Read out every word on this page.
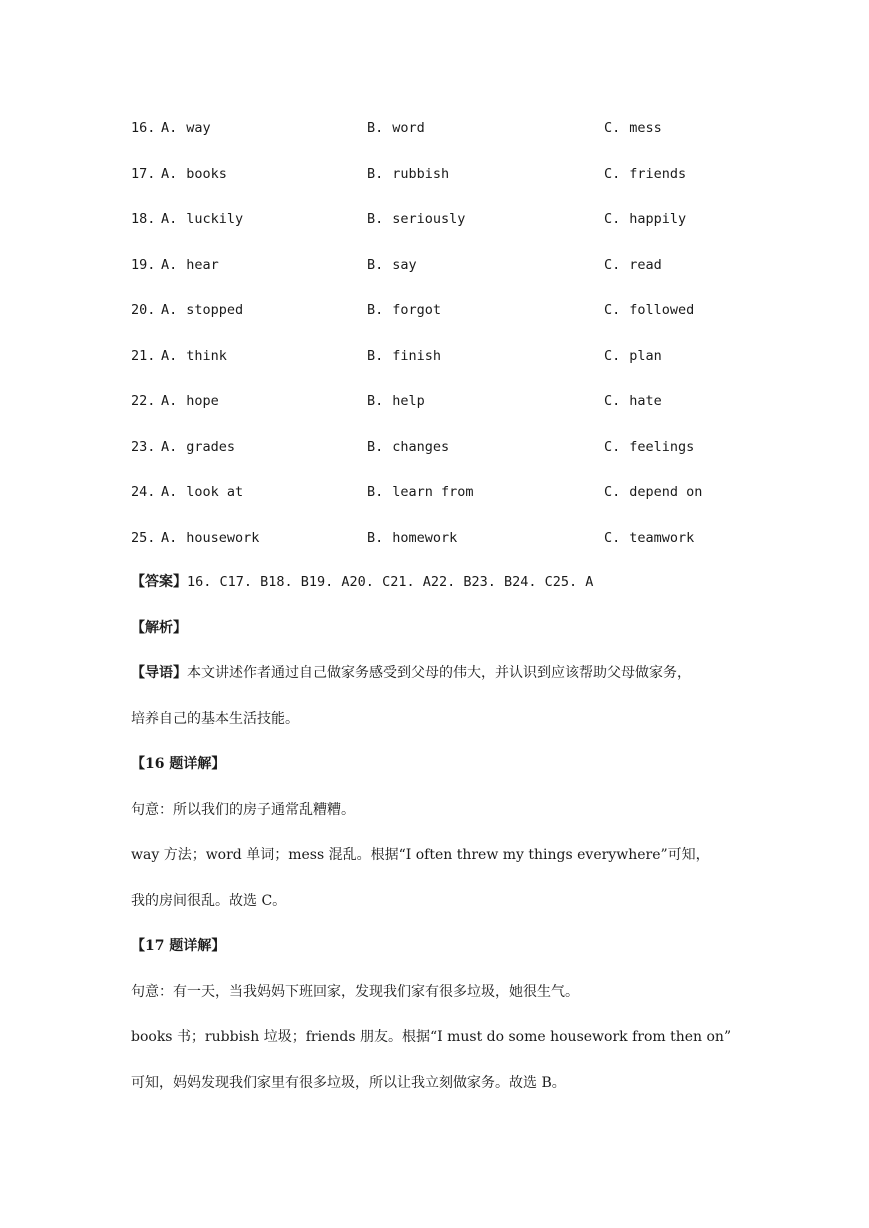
16. A. way	B. word	C. mess
17. A. books	B. rubbish	C. friends
18. A. luckily	B. seriously	C. happily
19. A. hear	B. say	C. read
20. A. stopped	B. forgot	C. followed
21. A. think	B. finish	C. plan
22. A. hope	B. help	C. hate
23. A. grades	B. changes	C. feelings
24. A. look at	B. learn from	C. depend on
25. A. housework	B. homework	C. teamwork
【答案】16. C17. B18. B19. A20. C21. A22. B23. B24. C25. A
【解析】
【导语】本文讲述作者通过自己做家务感受到父母的伟大，并认识到应该帮助父母做家务，
培养自己的基本生活技能。
【16 题详解】
句意：所以我们的房子通常乱糟糟。
way 方法；word 单词；mess 混乱。根据“I often threw my things everywhere”可知，
我的房间很乱。故选 C。
【17 题详解】
句意：有一天，当我妈妈下班回家，发现我们家有很多垃圾，她很生气。
books 书；rubbish 垃圾；friends 朋友。根据“I must do some housework from then on”
可知，妈妈发现我们家里有很多垃圾，所以让我立刻做家务。故选 B。
